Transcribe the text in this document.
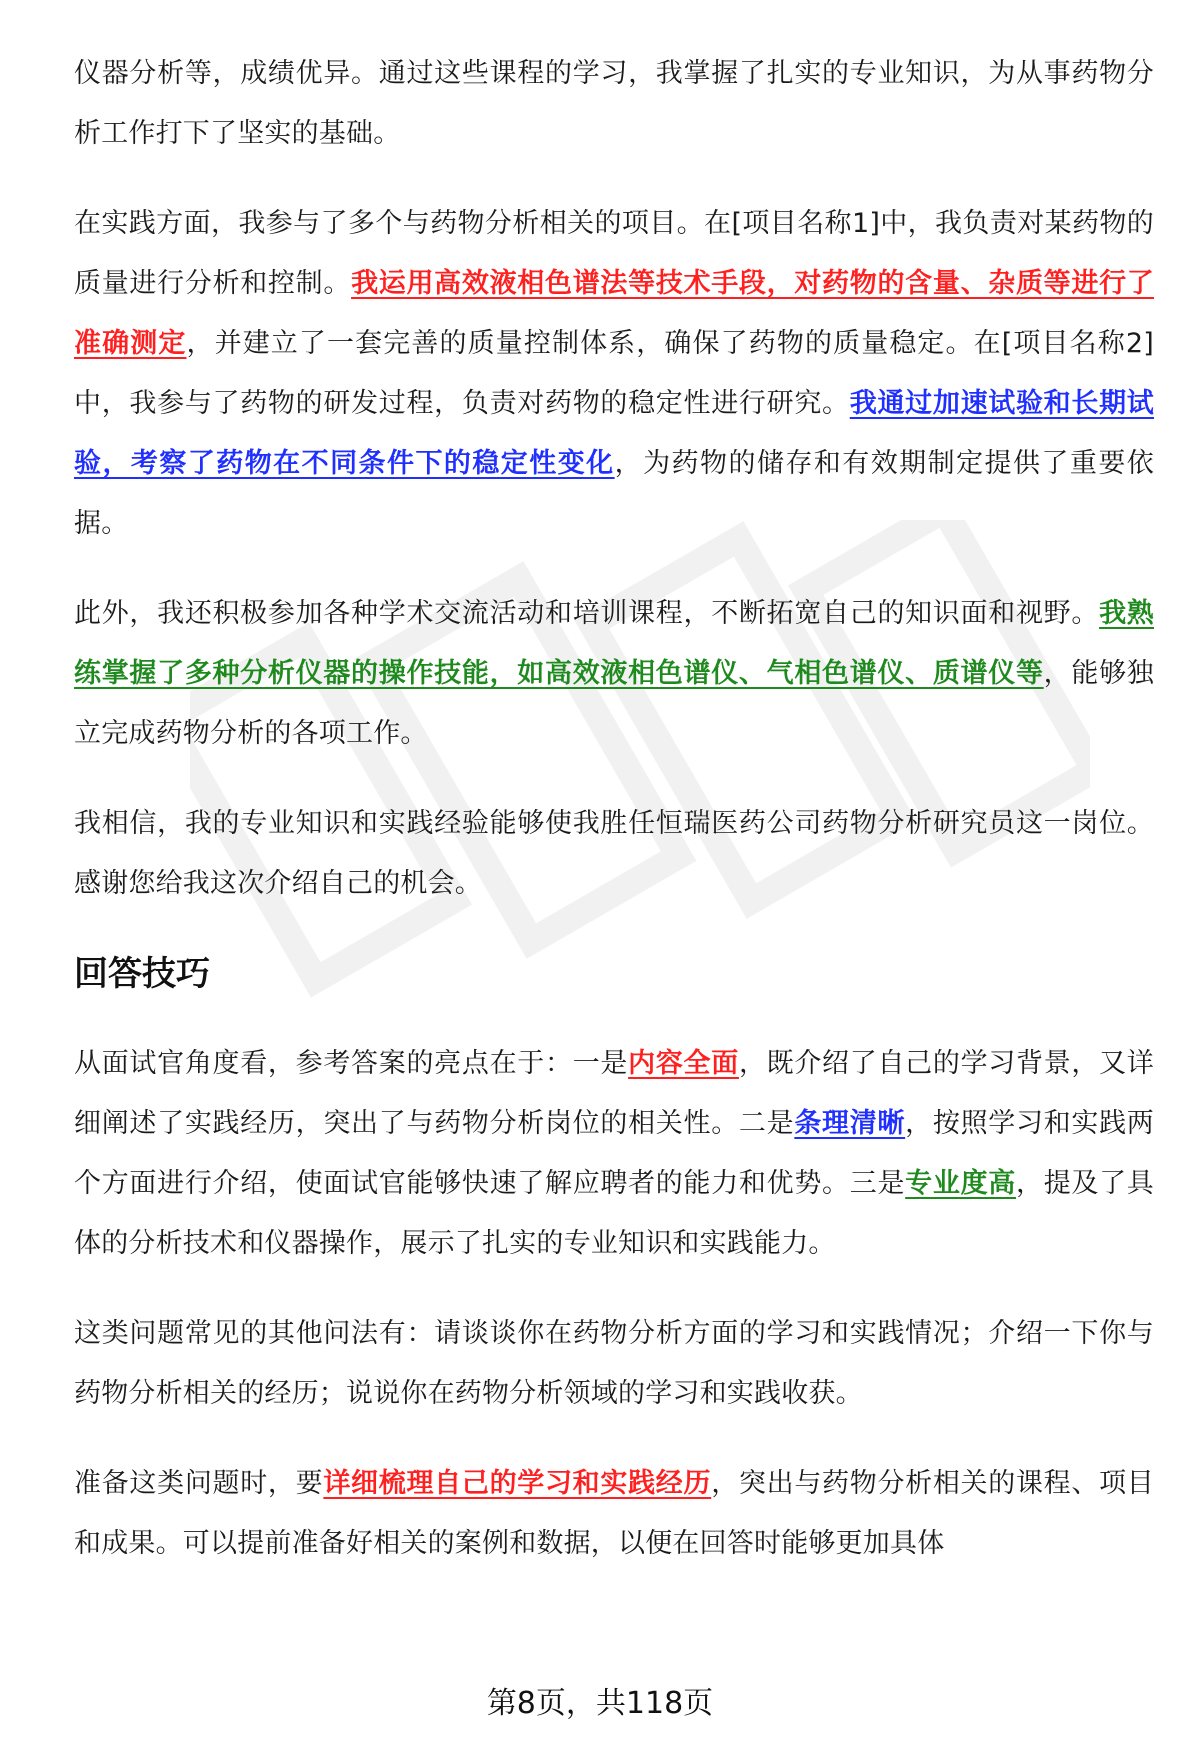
仪器分析等，成绩优异。通过这些课程的学习，我掌握了扎实的专业知识，为从事药物分析工作打下了坚实的基础。

在实践方面，我参与了多个与药物分析相关的项目。在[项目名称1]中，我负责对某药物的质量进行分析和控制。我运用高效液相色谱法等技术手段，对药物的含量、杂质等进行了准确测定，并建立了一套完善的质量控制体系，确保了药物的质量稳定。在[项目名称2]中，我参与了药物的研发过程，负责对药物的稳定性进行研究。我通过加速试验和长期试验，考察了药物在不同条件下的稳定性变化，为药物的储存和有效期制定提供了重要依据。

此外，我还积极参加各种学术交流活动和培训课程，不断拓宽自己的知识面和视野。我熟练掌握了多种分析仪器的操作技能，如高效液相色谱仪、气相色谱仪、质谱仪等，能够独立完成药物分析的各项工作。

我相信，我的专业知识和实践经验能够使我胜任恒瑞医药公司药物分析研究员这一岗位。感谢您给我这次介绍自己的机会。

回答技巧

从面试官角度看，参考答案的亮点在于：一是内容全面，既介绍了自己的学习背景，又详细阐述了实践经历，突出了与药物分析岗位的相关性。二是条理清晰，按照学习和实践两个方面进行介绍，使面试官能够快速了解应聘者的能力和优势。三是专业度高，提及了具体的分析技术和仪器操作，展示了扎实的专业知识和实践能力。

这类问题常见的其他问法有：请谈谈你在药物分析方面的学习和实践情况；介绍一下你与药物分析相关的经历；说说你在药物分析领域的学习和实践收获。

准备这类问题时，要详细梳理自己的学习和实践经历，突出与药物分析相关的课程、项目和成果。可以提前准备好相关的案例和数据，以便在回答时能够更加具体

第8页，共118页
